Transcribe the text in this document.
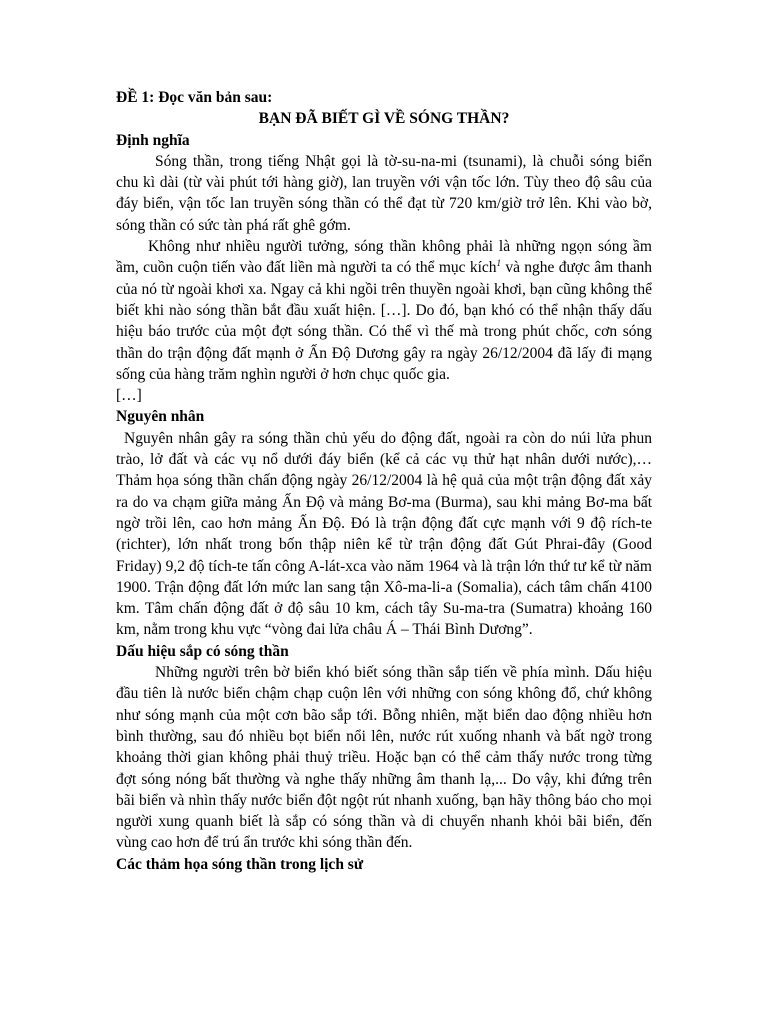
ĐỀ 1: Đọc văn bản sau:

BẠN ĐÃ BIẾT GÌ VỀ SÓNG THẦN?

Định nghĩa

Sóng thần, trong tiếng Nhật gọi là tờ-su-na-mi (tsunami), là chuỗi sóng biển chu kì dài (từ vài phút tới hàng giờ), lan truyền với vận tốc lớn. Tùy theo độ sâu của đáy biển, vận tốc lan truyền sóng thần có thể đạt từ 720 km/giờ trở lên. Khi vào bờ, sóng thần có sức tàn phá rất ghê gớm.

Không như nhiều người tưởng, sóng thần không phải là những ngọn sóng ầm ầm, cuồn cuộn tiến vào đất liền mà người ta có thể mục kích$^1$ và nghe được âm thanh của nó từ ngoài khơi xa. Ngay cả khi ngồi trên thuyền ngoài khơi, bạn cũng không thể biết khi nào sóng thần bắt đầu xuất hiện. […]. Do đó, bạn khó có thể nhận thấy dấu hiệu báo trước của một đợt sóng thần. Có thể vì thế mà trong phút chốc, cơn sóng thần do trận động đất mạnh ở Ấn Độ Dương gây ra ngày 26/12/2004 đã lấy đi mạng sống của hàng trăm nghìn người ở hơn chục quốc gia.

[…]

Nguyên nhân

Nguyên nhân gây ra sóng thần chủ yếu do động đất, ngoài ra còn do núi lửa phun trào, lở đất và các vụ nổ dưới đáy biển (kể cả các vụ thử hạt nhân dưới nước),… Thảm họa sóng thần chấn động ngày 26/12/2004 là hệ quả của một trận động đất xảy ra do va chạm giữa mảng Ấn Độ và mảng Bơ-ma (Burma), sau khi mảng Bơ-ma bất ngờ trồi lên, cao hơn mảng Ấn Độ. Đó là trận động đất cực mạnh với 9 độ rích-te (richter), lớn nhất trong bốn thập niên kể từ trận động đất Gút Phrai-đây (Good Friday) 9,2 độ tích-te tấn công A-lát-xca vào năm 1964 và là trận lớn thứ tư kể từ năm 1900. Trận động đất lớn mức lan sang tận Xô-ma-li-a (Somalia), cách tâm chấn 4100 km. Tâm chấn động đất ở độ sâu 10 km, cách tây Su-ma-tra (Sumatra) khoảng 160 km, nằm trong khu vực “vòng đai lửa châu Á – Thái Bình Dương”.

Dấu hiệu sắp có sóng thần

Những người trên bờ biển khó biết sóng thần sắp tiến về phía mình. Dấu hiệu đầu tiên là nước biển chậm chạp cuộn lên với những con sóng không đổ, chứ không như sóng mạnh của một cơn bão sắp tới. Bỗng nhiên, mặt biển dao động nhiều hơn bình thường, sau đó nhiều bọt biển nổi lên, nước rút xuống nhanh và bất ngờ trong khoảng thời gian không phải thuỷ triều. Hoặc bạn có thể cảm thấy nước trong từng đợt sóng nóng bất thường và nghe thấy những âm thanh lạ,... Do vậy, khi đứng trên bãi biển và nhìn thấy nước biển đột ngột rút nhanh xuống, bạn hãy thông báo cho mọi người xung quanh biết là sắp có sóng thần và di chuyển nhanh khỏi bãi biển, đến vùng cao hơn để trú ẩn trước khi sóng thần đến.

Các thảm họa sóng thần trong lịch sử
